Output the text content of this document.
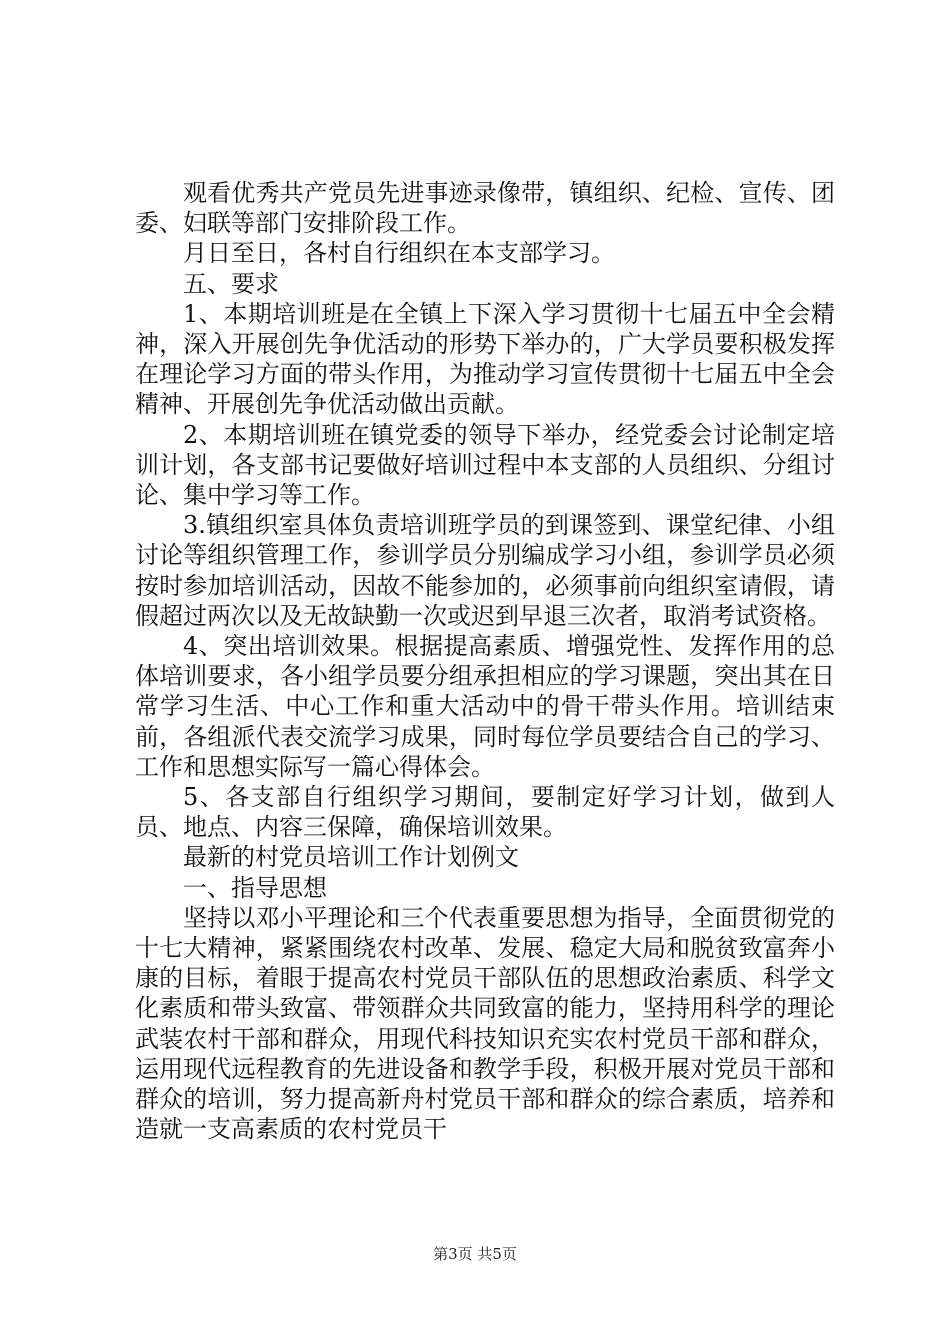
观看优秀共产党员先进事迹录像带，镇组织、纪检、宣传、团委、妇联等部门安排阶段工作。

月日至日，各村自行组织在本支部学习。

五、要求

1、本期培训班是在全镇上下深入学习贯彻十七届五中全会精神，深入开展创先争优活动的形势下举办的，广大学员要积极发挥在理论学习方面的带头作用，为推动学习宣传贯彻十七届五中全会精神、开展创先争优活动做出贡献。

2、本期培训班在镇党委的领导下举办，经党委会讨论制定培训计划，各支部书记要做好培训过程中本支部的人员组织、分组讨论、集中学习等工作。

3.镇组织室具体负责培训班学员的到课签到、课堂纪律、小组讨论等组织管理工作，参训学员分别编成学习小组，参训学员必须按时参加培训活动，因故不能参加的，必须事前向组织室请假，请假超过两次以及无故缺勤一次或迟到早退三次者，取消考试资格。

4、突出培训效果。根据提高素质、增强党性、发挥作用的总体培训要求，各小组学员要分组承担相应的学习课题，突出其在日常学习生活、中心工作和重大活动中的骨干带头作用。培训结束前，各组派代表交流学习成果，同时每位学员要结合自己的学习、工作和思想实际写一篇心得体会。

5、各支部自行组织学习期间，要制定好学习计划，做到人员、地点、内容三保障，确保培训效果。

最新的村党员培训工作计划例文

一、指导思想

坚持以邓小平理论和三个代表重要思想为指导，全面贯彻党的十七大精神，紧紧围绕农村改革、发展、稳定大局和脱贫致富奔小康的目标，着眼于提高农村党员干部队伍的思想政治素质、科学文化素质和带头致富、带领群众共同致富的能力，坚持用科学的理论武装农村干部和群众，用现代科技知识充实农村党员干部和群众，运用现代远程教育的先进设备和教学手段，积极开展对党员干部和群众的培训，努力提高新舟村党员干部和群众的综合素质，培养和造就一支高素质的农村党员干

第3页 共5页
